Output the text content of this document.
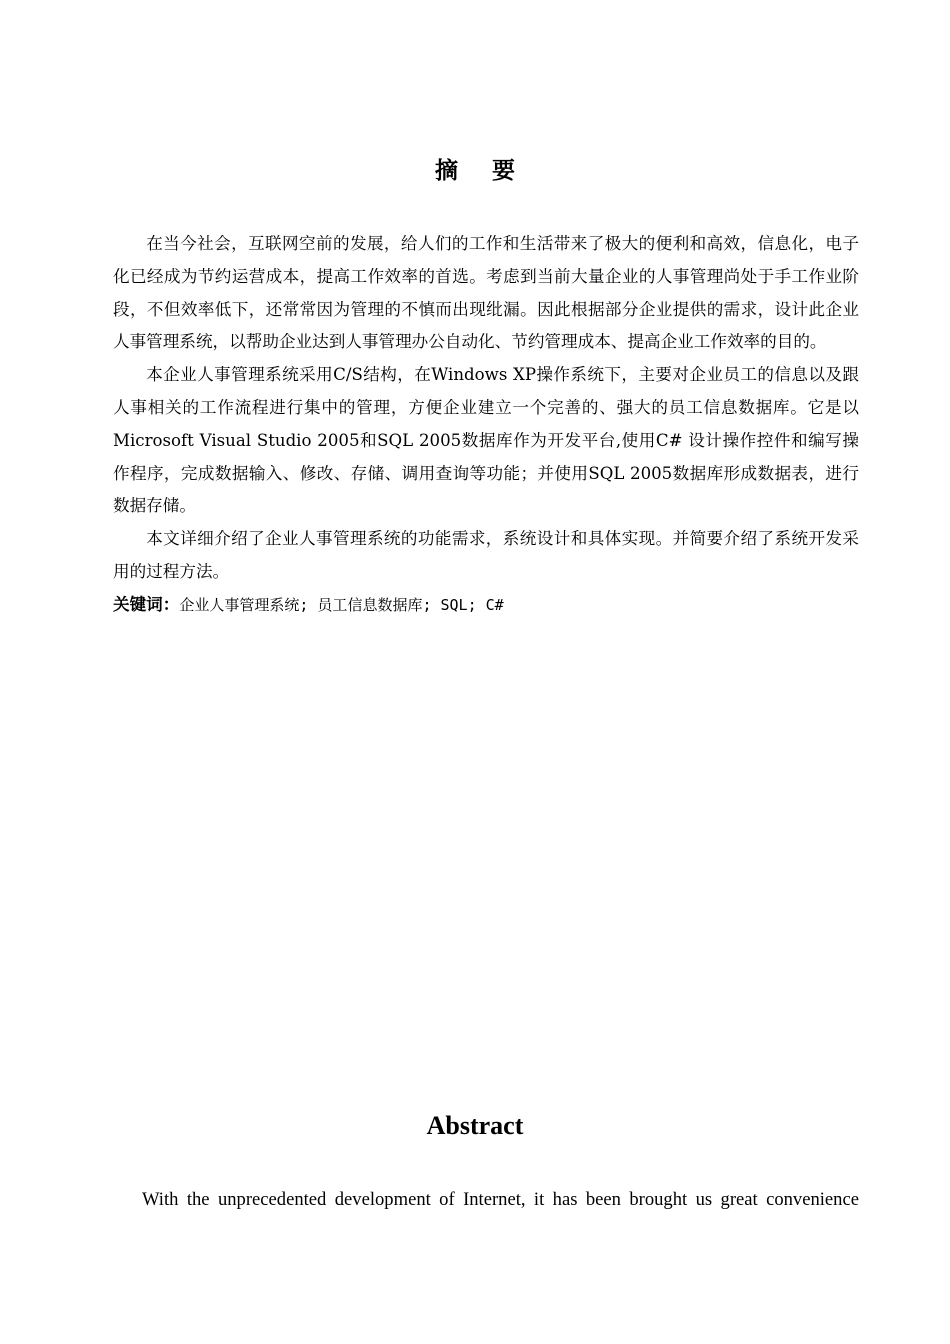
摘要

在当今社会，互联网空前的发展，给人们的工作和生活带来了极大的便利和高效，信息化，电子化已经成为节约运营成本，提高工作效率的首选。考虑到当前大量企业的人事管理尚处于手工作业阶段，不但效率低下，还常常因为管理的不慎而出现纰漏。因此根据部分企业提供的需求，设计此企业人事管理系统，以帮助企业达到人事管理办公自动化、节约管理成本、提高企业工作效率的目的。

本企业人事管理系统采用C/S结构，在Windows XP操作系统下，主要对企业员工的信息以及跟人事相关的工作流程进行集中的管理，方便企业建立一个完善的、强大的员工信息数据库。它是以Microsoft Visual Studio 2005和SQL 2005数据库作为开发平台,使用C# 设计操作控件和编写操作程序，完成数据输入、修改、存储、调用查询等功能；并使用SQL 2005数据库形成数据表，进行数据存储。

本文详细介绍了企业人事管理系统的功能需求，系统设计和具体实现。并简要介绍了系统开发采用的过程方法。

关键词：企业人事管理系统; 员工信息数据库; SQL; C#
Abstract

With the unprecedented development of Internet, it has been brought us great convenience
